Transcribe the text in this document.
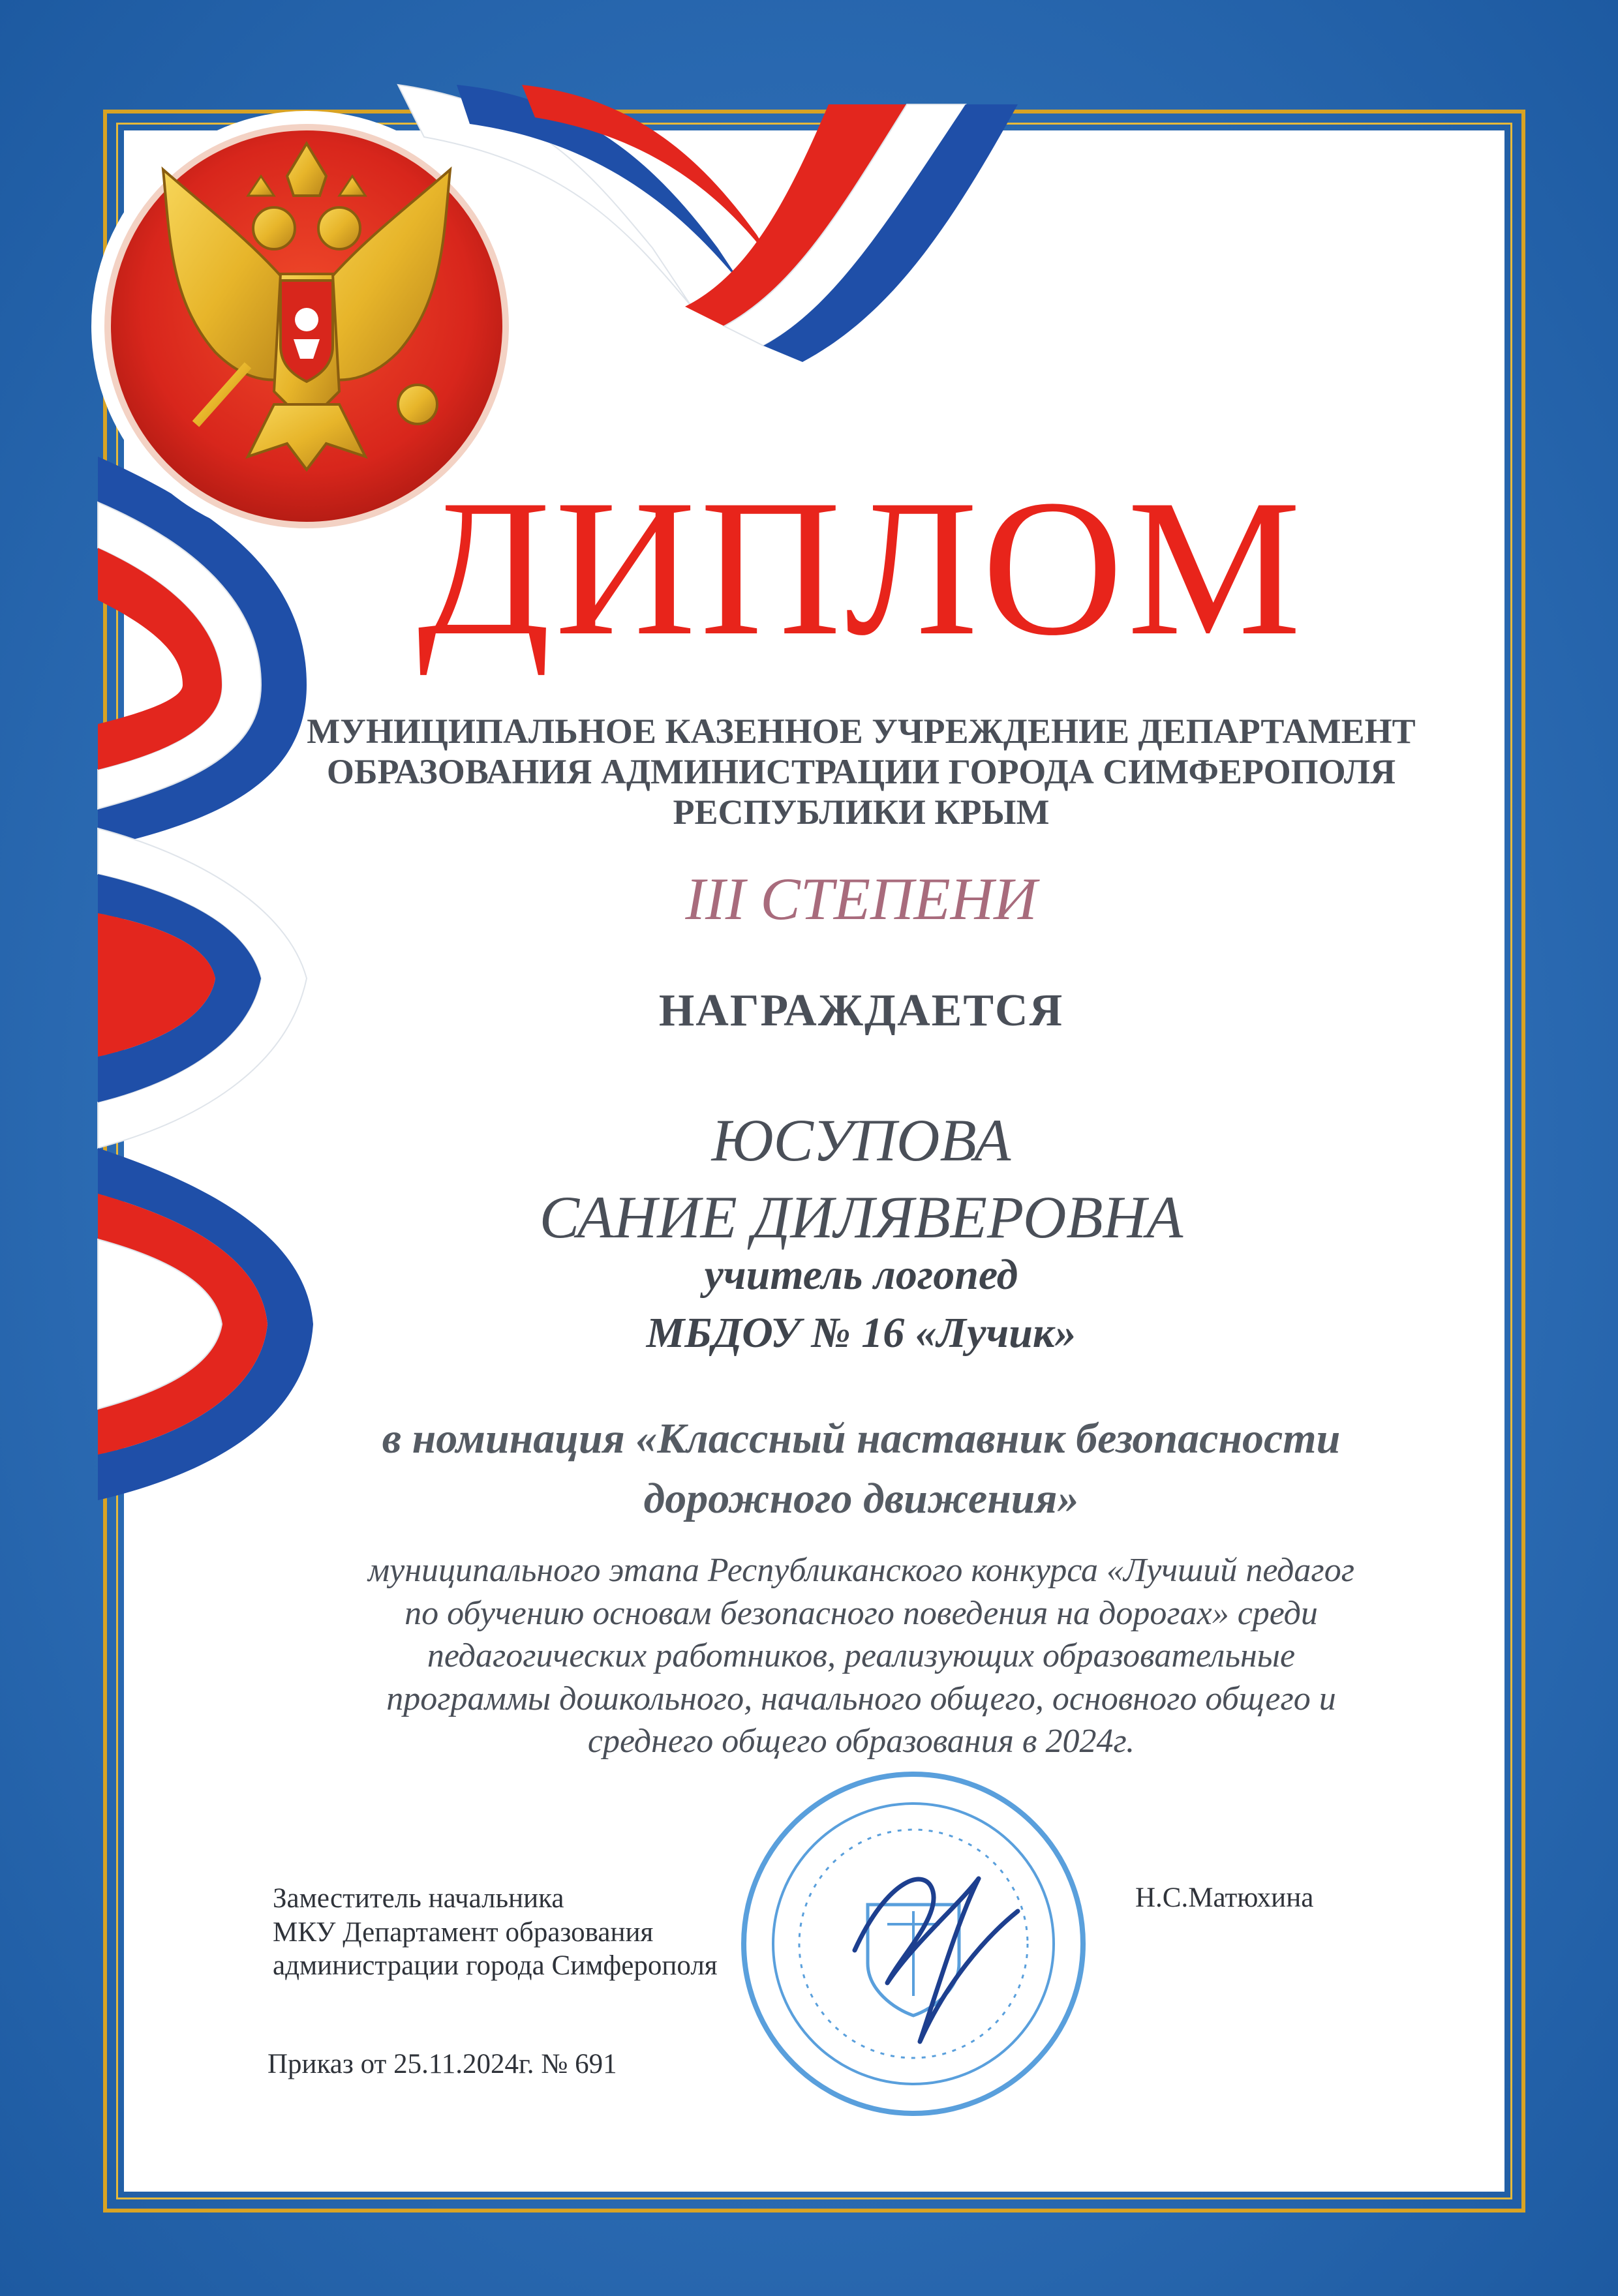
ДИПЛОМ
МУНИЦИПАЛЬНОЕ КАЗЕННОЕ УЧРЕЖДЕНИЕ ДЕПАРТАМЕНТ
ОБРАЗОВАНИЯ АДМИНИСТРАЦИИ ГОРОДА СИМФЕРОПОЛЯ
РЕСПУБЛИКИ КРЫМ
III СТЕПЕНИ
НАГРАЖДАЕТСЯ
ЮСУПОВА
САНИЕ ДИЛЯВЕРОВНА
учитель логопед
МБДОУ № 16 «Лучик»
в номинация «Классный наставник безопасности
дорожного движения»
муниципального этапа Республиканского конкурса «Лучший педагог
по обучению основам безопасного поведения на дорогах» среди
педагогических работников, реализующих образовательные
программы дошкольного, начального общего, основного общего и
среднего общего образования в 2024г.
Заместитель начальника
МКУ Департамент образования
администрации города Симферополя
Н.С.Матюхина
Приказ от 25.11.2024г. № 691
